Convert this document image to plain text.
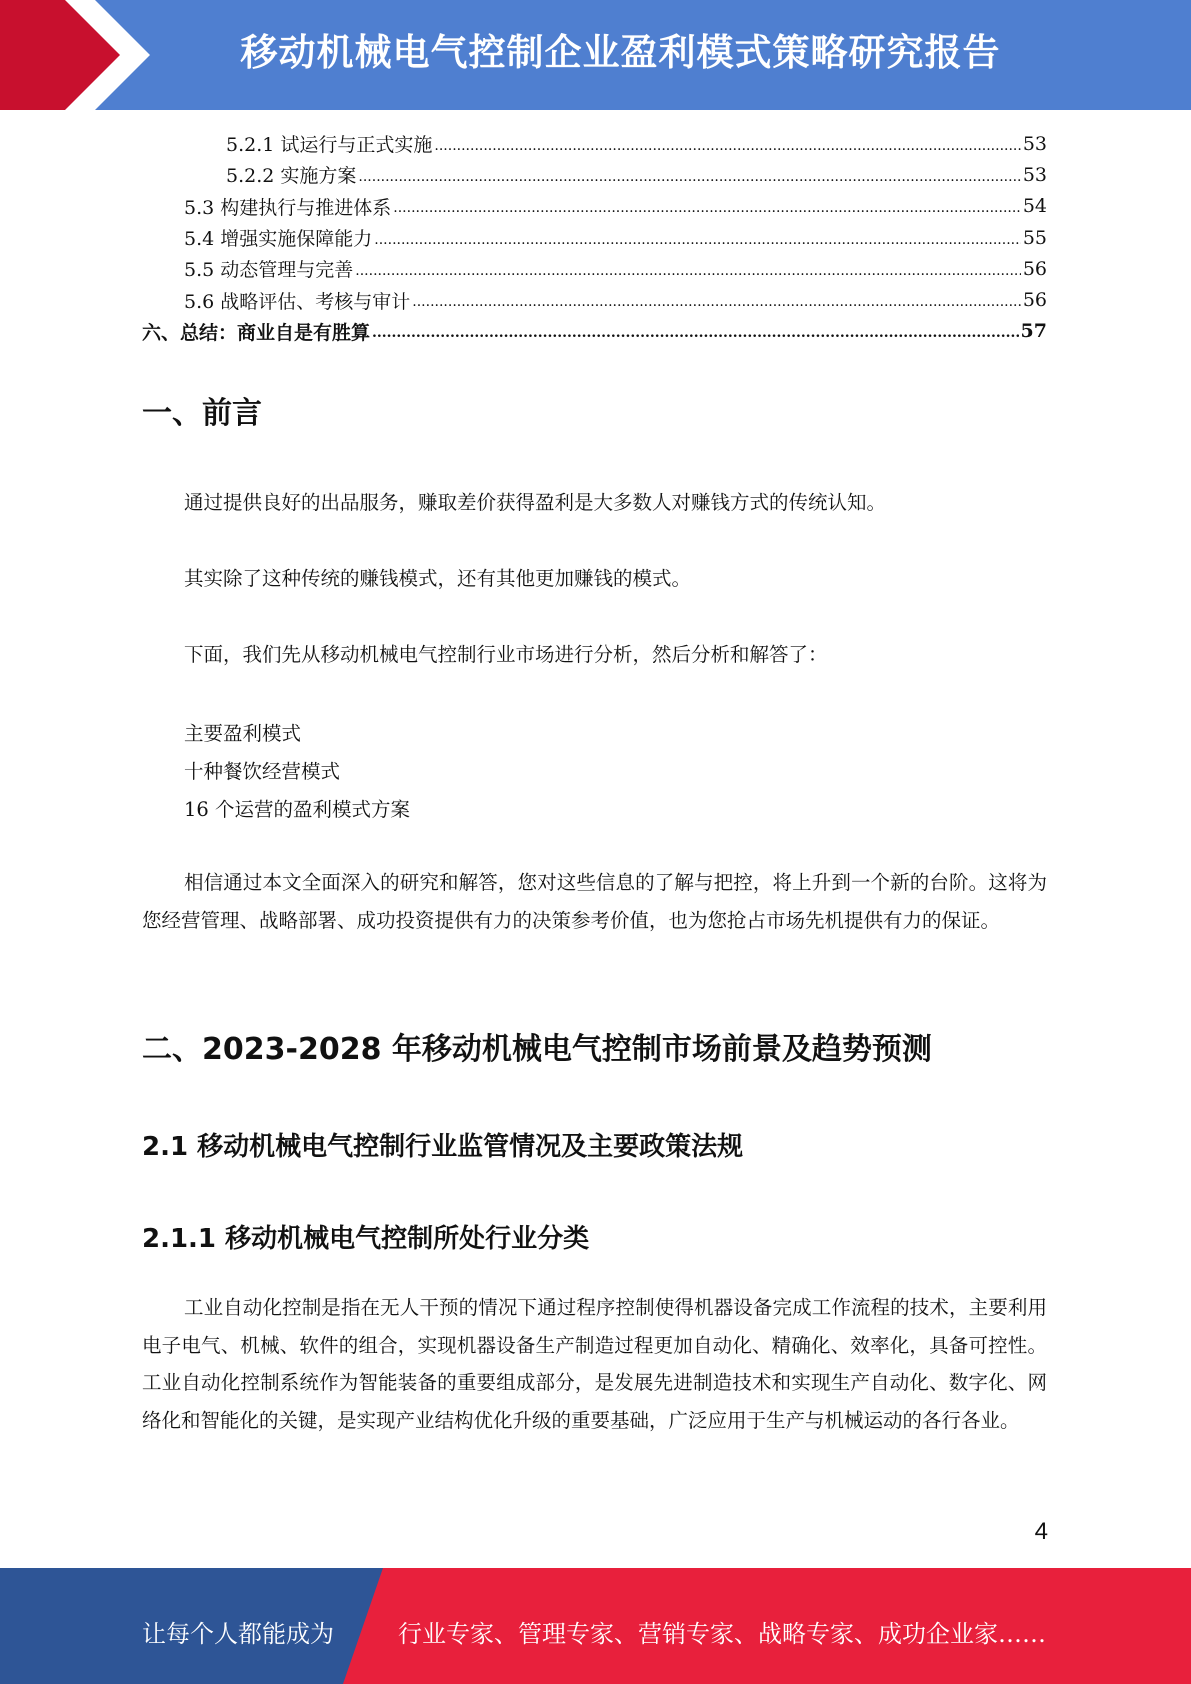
移动机械电气控制企业盈利模式策略研究报告
5.2.1 试运行与正式实施 .....	53
5.2.2 实施方案 .....	53
5.3 构建执行与推进体系 .....	54
5.4 增强实施保障能力 .....	55
5.5 动态管理与完善 .....	56
5.6 战略评估、考核与审计 .....	56
六、总结：商业自是有胜算 .....	57
一、前言
通过提供良好的出品服务，赚取差价获得盈利是大多数人对赚钱方式的传统认知。
其实除了这种传统的赚钱模式，还有其他更加赚钱的模式。
下面，我们先从移动机械电气控制行业市场进行分析，然后分析和解答了：
主要盈利模式
十种餐饮经营模式
16 个运营的盈利模式方案
相信通过本文全面深入的研究和解答，您对这些信息的了解与把控，将上升到一个新的台阶。这将为您经营管理、战略部署、成功投资提供有力的决策参考价值，也为您抢占市场先机提供有力的保证。
二、2023-2028 年移动机械电气控制市场前景及趋势预测
2.1 移动机械电气控制行业监管情况及主要政策法规
2.1.1 移动机械电气控制所处行业分类
工业自动化控制是指在无人干预的情况下通过程序控制使得机器设备完成工作流程的技术，主要利用电子电气、机械、软件的组合，实现机器设备生产制造过程更加自动化、精确化、效率化，具备可控性。工业自动化控制系统作为智能装备的重要组成部分，是发展先进制造技术和实现生产自动化、数字化、网络化和智能化的关键，是实现产业结构优化升级的重要基础，广泛应用于生产与机械运动的各行各业。
4
让每个人都能成为	行业专家、管理专家、营销专家、战略专家、成功企业家……
